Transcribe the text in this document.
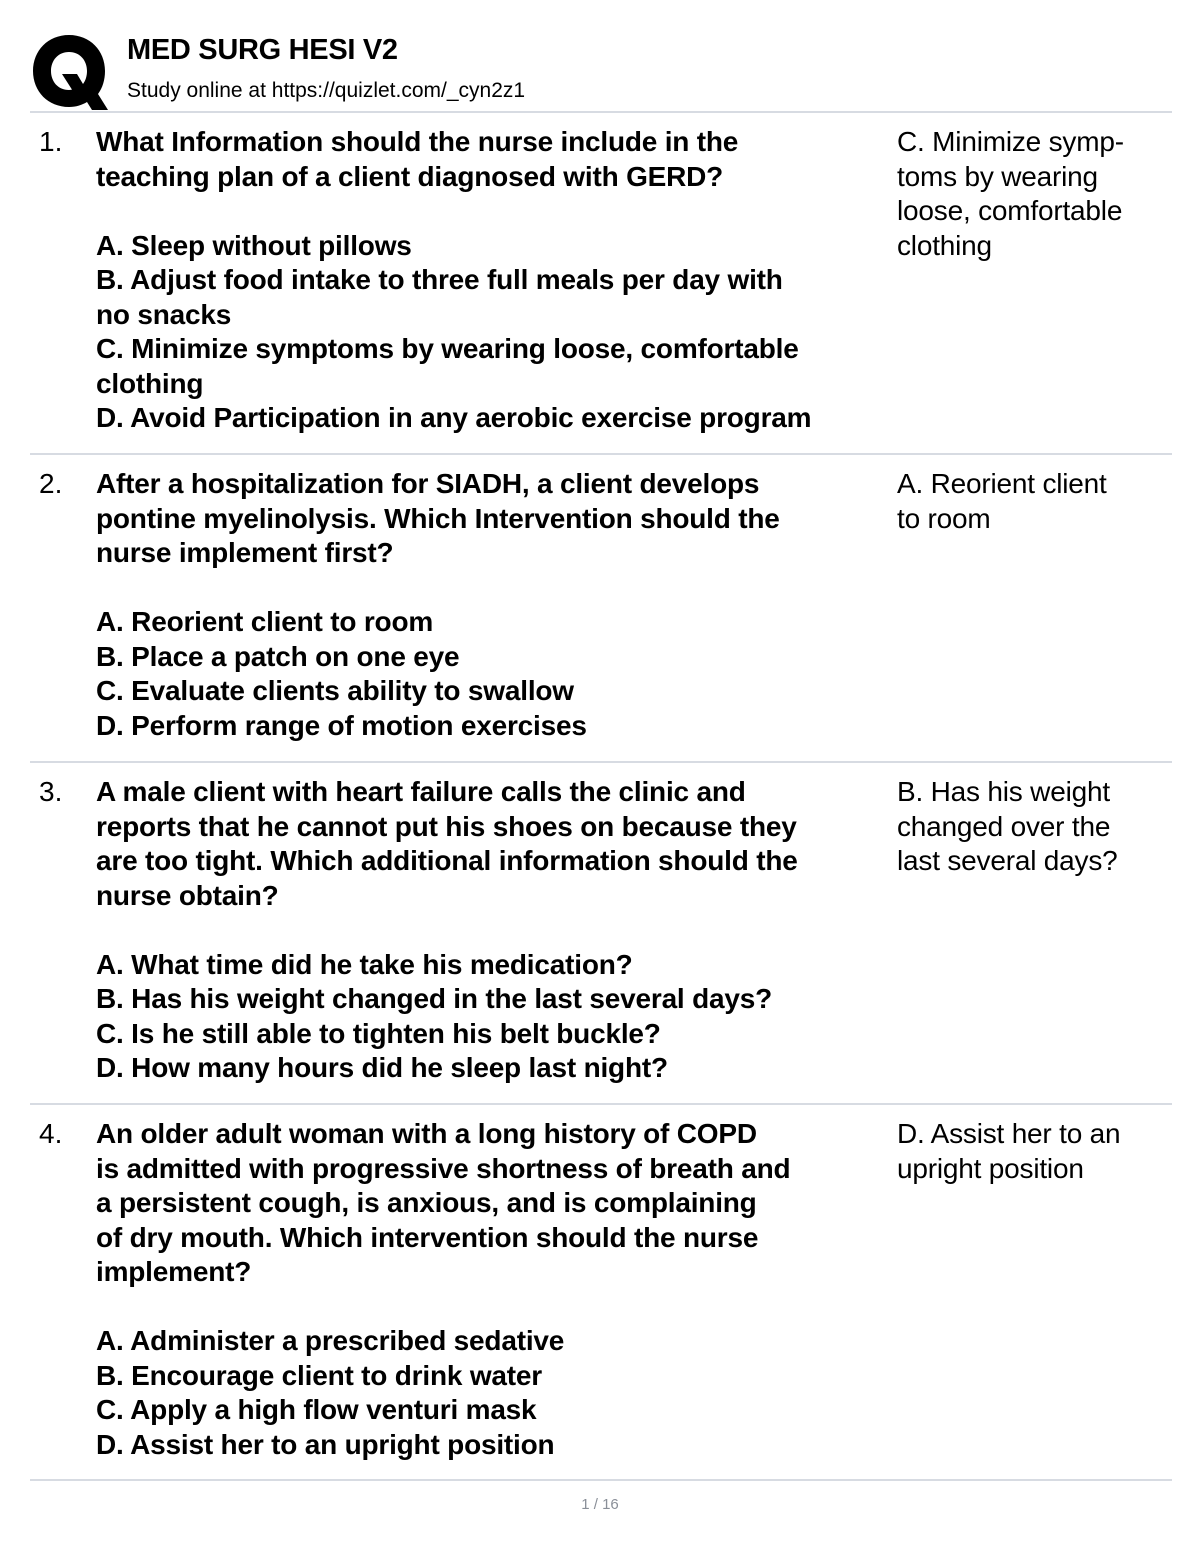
MED SURG HESI V2
Study online at https://quizlet.com/_cyn2z1
1. What Information should the nurse include in the

teaching plan of a client diagnosed with GERD?

A. Sleep without pillows

B. Adjust food intake to three full meals per day with

no snacks

C. Minimize symptoms by wearing loose, comfortable

clothing

D. Avoid Participation in any aerobic exercise program

C. Minimize symp-

toms by wearing

loose, comfortable

clothing

2. After a hospitalization for SIADH, a client develops

pontine myelinolysis. Which Intervention should the

nurse implement first?

A. Reorient client to room

B. Place a patch on one eye

C. Evaluate clients ability to swallow

D. Perform range of motion exercises

A. Reorient client

to room

3. A male client with heart failure calls the clinic and

reports that he cannot put his shoes on because they

are too tight. Which additional information should the

nurse obtain?

A. What time did he take his medication?

B. Has his weight changed in the last several days?

C. Is he still able to tighten his belt buckle?

D. How many hours did he sleep last night?

B. Has his weight

changed over the

last several days?

4. An older adult woman with a long history of COPD

is admitted with progressive shortness of breath and

a persistent cough, is anxious, and is complaining

of dry mouth. Which intervention should the nurse

implement?

A. Administer a prescribed sedative

B. Encourage client to drink water

C. Apply a high flow venturi mask

D. Assist her to an upright position

D. Assist her to an

upright position

1 / 16
